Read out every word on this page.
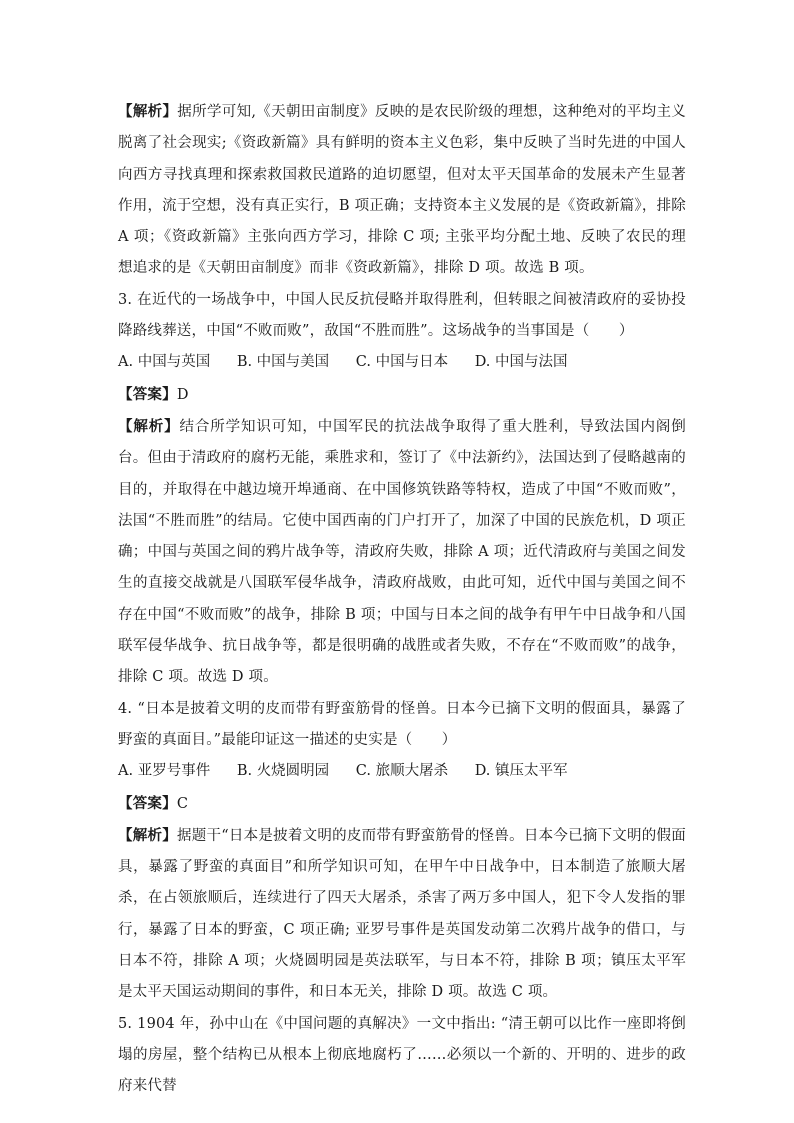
【解析】据所学可知,《天朝田亩制度》反映的是农民阶级的理想，这种绝对的平均主义脱离了社会现实;《资政新篇》具有鲜明的资本主义色彩，集中反映了当时先进的中国人向西方寻找真理和探索救国救民道路的迫切愿望，但对太平天国革命的发展未产生显著作用，流于空想，没有真正实行，B 项正确；支持资本主义发展的是《资政新篇》，排除 A 项；《资政新篇》主张向西方学习，排除 C 项; 主张平均分配土地、反映了农民的理想追求的是《天朝田亩制度》而非《资政新篇》，排除 D 项。故选 B 项。

3. 在近代的一场战争中，中国人民反抗侵略并取得胜利，但转眼之间被清政府的妥协投降路线葬送，中国“不败而败”，敌国“不胜而胜”。这场战争的当事国是（　　）

A. 中国与英国 B. 中国与美国 C. 中国与日本 D. 中国与法国

【答案】D

【解析】结合所学知识可知，中国军民的抗法战争取得了重大胜利，导致法国内阁倒台。但由于清政府的腐朽无能，乘胜求和，签订了《中法新约》，法国达到了侵略越南的目的，并取得在中越边境开埠通商、在中国修筑铁路等特权，造成了中国“不败而败”，法国“不胜而胜”的结局。它使中国西南的门户打开了，加深了中国的民族危机，D 项正确；中国与英国之间的鸦片战争等，清政府失败，排除 A 项；近代清政府与美国之间发生的直接交战就是八国联军侵华战争，清政府战败，由此可知，近代中国与美国之间不存在中国“不败而败”的战争，排除 B 项；中国与日本之间的战争有甲午中日战争和八国联军侵华战争、抗日战争等，都是很明确的战胜或者失败，不存在“不败而败”的战争，排除 C 项。故选 D 项。

4. “日本是披着文明的皮而带有野蛮筋骨的怪兽。日本今已摘下文明的假面具，暴露了野蛮的真面目。”最能印证这一描述的史实是（　　）

A. 亚罗号事件 B. 火烧圆明园 C. 旅顺大屠杀 D. 镇压太平军

【答案】C

【解析】据题干“日本是披着文明的皮而带有野蛮筋骨的怪兽。日本今已摘下文明的假面具，暴露了野蛮的真面目”和所学知识可知，在甲午中日战争中，日本制造了旅顺大屠杀，在占领旅顺后，连续进行了四天大屠杀，杀害了两万多中国人，犯下令人发指的罪行，暴露了日本的野蛮，C 项正确; 亚罗号事件是英国发动第二次鸦片战争的借口，与日本不符，排除 A 项；火烧圆明园是英法联军，与日本不符，排除 B 项；镇压太平军是太平天国运动期间的事件，和日本无关，排除 D 项。故选 C 项。

5. 1904 年，孙中山在《中国问题的真解决》一文中指出: “清王朝可以比作一座即将倒塌的房屋，整个结构已从根本上彻底地腐朽了……必须以一个新的、开明的、进步的政府来代替
